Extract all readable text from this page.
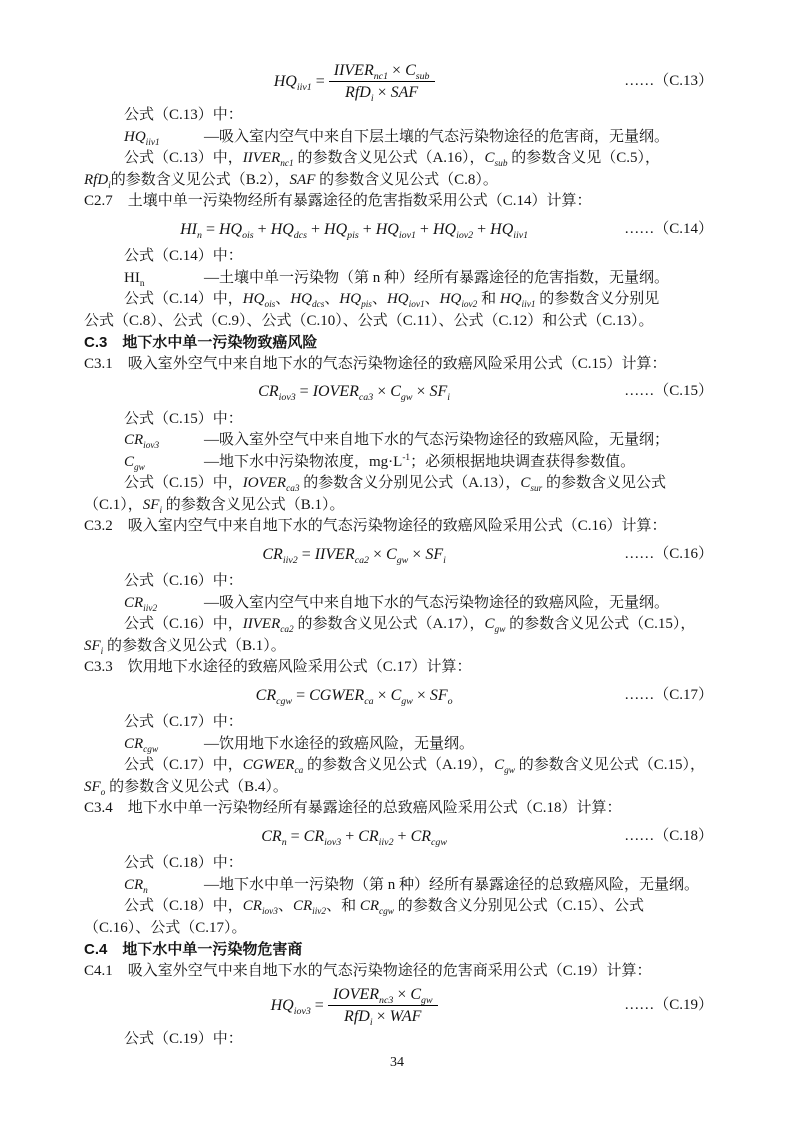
$HQ_{iiv1} = \frac{IIVER_{nc1} \times C_{sub}}{RfD_i \times SAF}$	……（C.13）

公式（C.13）中：

$HQ_{iiv1}$	—吸入室内空气中来自下层土壤的气态污染物途径的危害商，无量纲。

公式（C.13）中，$IIVER_{nc1}$ 的参数含义见公式（A.16），$C_{sub}$ 的参数含义见（C.5），
RfD$_i$的参数含义见公式（B.2），SAF 的参数含义见公式（C.8）。

C2.7　土壤中单一污染物经所有暴露途径的危害指数采用公式（C.14）计算：

$HI_n = HQ_{ois} + HQ_{dcs} + HQ_{pis} + HQ_{iov1} + HQ_{iov2} + HQ_{iiv1}$	……（C.14）

公式（C.14）中：

$HI_n$	—土壤中单一污染物（第 n 种）经所有暴露途径的危害指数，无量纲。

公式（C.14）中，$HQ_{ois}$、$HQ_{dcs}$、$HQ_{pis}$、$HQ_{iov1}$、$HQ_{iov2}$ 和 $HQ_{iiv1}$ 的参数含义分别见
公式（C.8）、公式（C.9）、公式（C.10）、公式（C.11）、公式（C.12）和公式（C.13）。

C.3　地下水中单一污染物致癌风险

C3.1　吸入室外空气中来自地下水的气态污染物途径的致癌风险采用公式（C.15）计算：

$CR_{iov3}$ = $IOVER_{ca3} \times C_{gw} \times SF_i$	……（C.15）

公式（C.15）中：

$CR_{iov3}$	—吸入室外空气中来自地下水的气态污染物途径的致癌风险，无量纲；
$C_{gw}$	—地下水中污染物浓度，$mg\cdot L^{-1}$；必须根据地块调查获得参数值。

公式（C.15）中，$IOVER_{ca3}$ 的参数含义分别见公式（A.13），$C_{sur}$ 的参数含义见公式
（C.1），$SF_i$ 的参数含义见公式（B.1）。

C3.2　吸入室内空气中来自地下水的气态污染物途径的致癌风险采用公式（C.16）计算：

$CR_{iiv2}$ = $IIVER_{ca2} \times C_{gw} \times SF_i$	……（C.16）

公式（C.16）中：

$CR_{iiv2}$	—吸入室内空气中来自地下水的气态污染物途径的致癌风险，无量纲。

公式（C.16）中，$IIVER_{ca2}$ 的参数含义见公式（A.17），$C_{gw}$ 的参数含义见公式（C.15），
$SF_i$ 的参数含义见公式（B.1）。

C3.3　饮用地下水途径的致癌风险采用公式（C.17）计算：

$CR_{cgw}$ = $CGWER_{ca} \times C_{gw} \times SF_o$	……（C.17）

公式（C.17）中：

$CR_{cgw}$	—饮用地下水途径的致癌风险，无量纲。

公式（C.17）中，$CGWER_{ca}$ 的参数含义见公式（A.19），$C_{gw}$ 的参数含义见公式（C.15），
$SF_o$ 的参数含义见公式（B.4）。

C3.4　地下水中单一污染物经所有暴露途径的总致癌风险采用公式（C.18）计算：

$CR_n = CR_{iov3} + CR_{iiv2} + CR_{cgw}$	……（C.18）

公式（C.18）中：

$CR_n$	—地下水中单一污染物（第 n 种）经所有暴露途径的总致癌风险，无量纲。

公式（C.18）中，$CR_{iov3}$、$CR_{iiv2}$、和 $CR_{cgw}$ 的参数含义分别见公式（C.15）、公式
（C.16）、公式（C.17）。

C.4　地下水中单一污染物危害商

C4.1　吸入室外空气中来自地下水的气态污染物途径的危害商采用公式（C.19）计算：

$HQ_{iov3} = \frac{IOVER_{nc3} \times C_{gw}}{RfD_i \times WAF}$	……（C.19）

公式（C.19）中：

34
